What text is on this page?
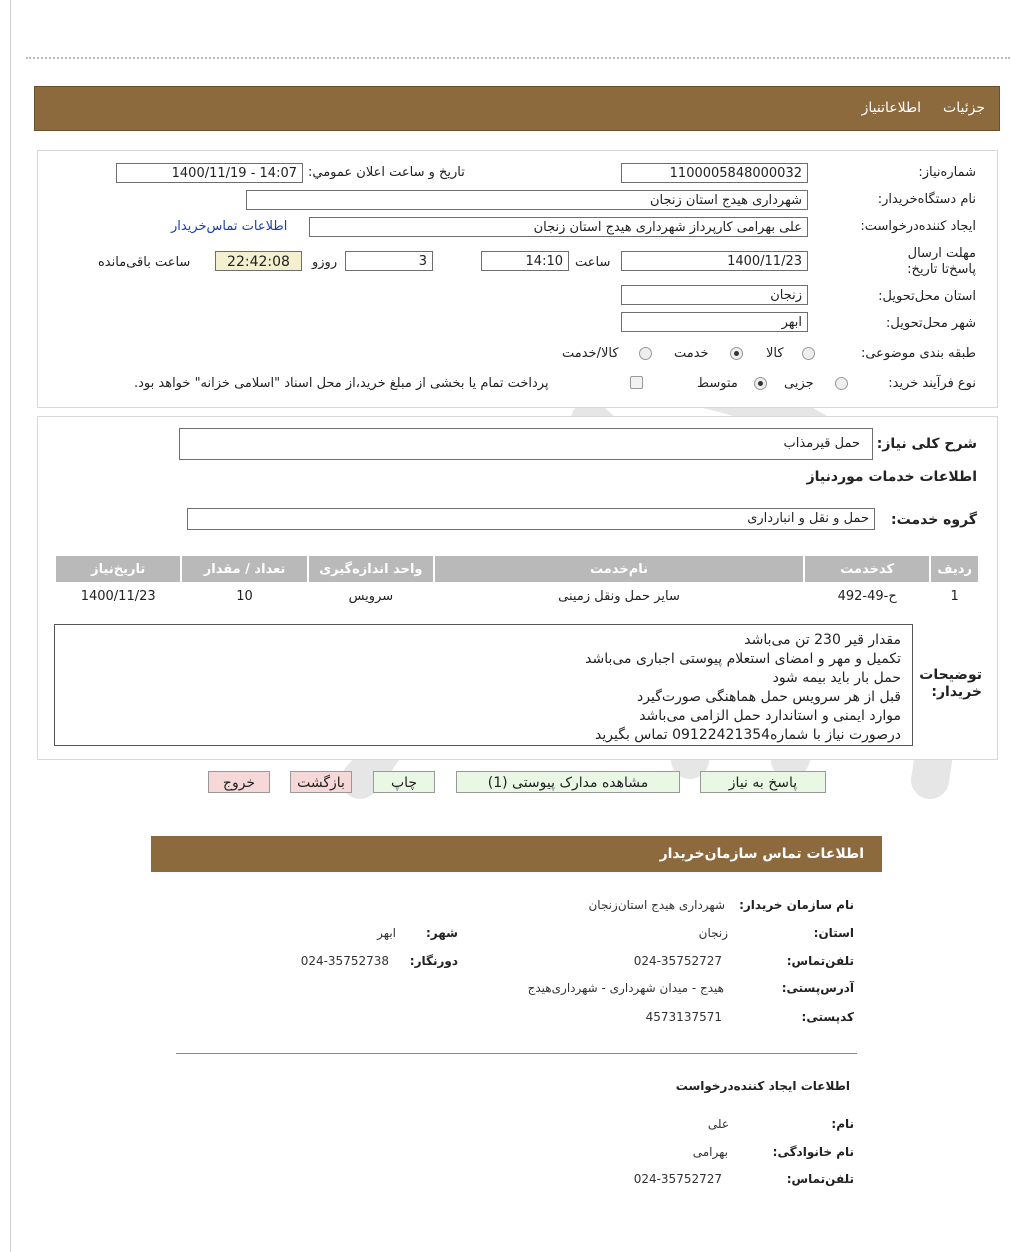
جزئیات
اطلاعاتنیاز
شماره‌نیاز:
1100005848000032
تاریخ و ساعت اعلان عمومي:
1400/11/19 - 14:07
نام دستگاه‌خریدار:
شهرداری هیدج استان زنجان
ایجاد کننده‌درخواست:
علی بهرامی کارپرداز شهرداری هیدج استان زنجان
اطلاعات تماس‌خریدار
مهلت ارسال پاسخ‌تا تاریخ:
1400/11/23
ساعت
14:10
3
روزو
22:42:08
ساعت باقی‌مانده
استان محل‌تحویل:
زنجان
شهر محل‌تحویل:
ابهر
طبقه بندی موضوعی:
کالا
خدمت
کالا/خدمت
نوع فرآیند خرید:
جزیی
متوسط
پرداخت تمام یا بخشی از مبلغ خرید،از محل اسناد "اسلامی خزانه" خواهد بود.
شرح کلی نیاز:
حمل قیرمذاب
اطلاعات خدمات موردنیاز
گروه خدمت:
حمل و نقل و انبارداری
ردیف	کدخدمت	نام‌خدمت	واحد اندازه‌گیری	تعداد / مقدار	تاریخ‌نیاز
1	ح-49-492	سایر حمل ونقل زمینی	سرویس	10	1400/11/23
توضیحات خریدار:
مقدار قیر 230 تن می‌باشد
تکمیل و مهر و امضای استعلام پیوستی اجباری می‌باشد
حمل بار باید بیمه‌ شود
قبل از هر سرویس حمل هماهنگی صورت‌گیرد
موارد ایمنی و استاندارد حمل الزامی می‌باشد
درصورت نیاز با شماره09122421354 تماس بگیرید
پاسخ به نیاز
مشاهده مدارک پیوستی (1)
چاپ
بازگشت
خروج
اطلاعات تماس سازمان‌خریدار
نام سازمان خریدار:
شهرداری هیدج استان‌زنجان
استان:
زنجان
شهر:
ابهر
تلفن‌تماس:
024-35752727
دورنگار:
024-35752738
آدرس‌پستی:
هیدج - میدان شهرداری - شهرداری‌هیدج
کدپستی:
4573137571
اطلاعات ایجاد کننده‌درخواست
نام:
علی
نام خانوادگی:
بهرامی
تلفن‌تماس:
024-35752727
